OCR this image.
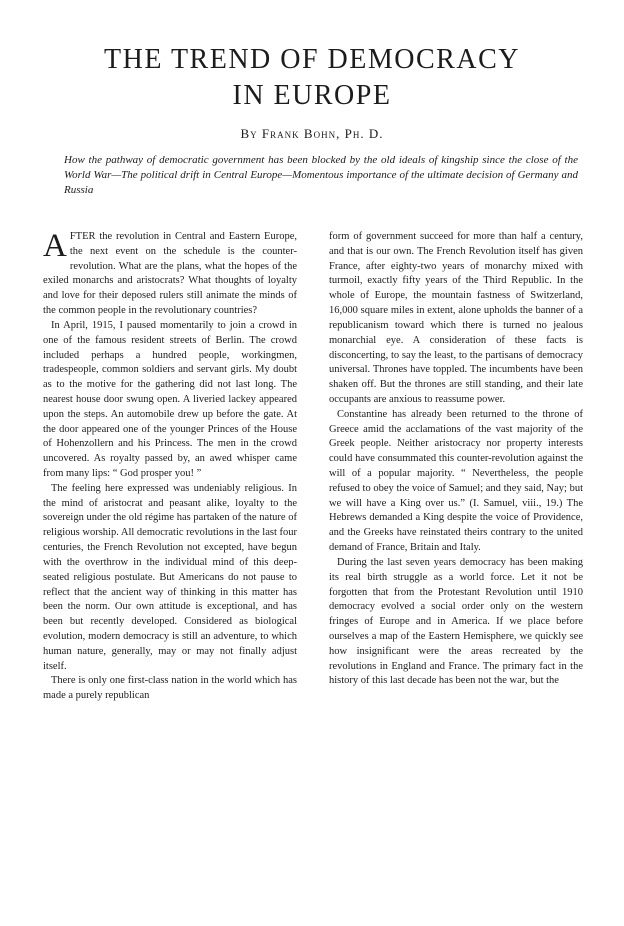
THE TREND OF DEMOCRACY
IN EUROPE
By Frank Bohn, Ph. D.

How the pathway of democratic government has been blocked by the old ideals of kingship since the close of the World War—The political drift in Central Europe—Momentous importance of the ultimate decision of Germany and Russia

AFTER the revolution in Central and Eastern Europe, the next event on the schedule is the counter-revolution. What are the plans, what the hopes of the exiled monarchs and aristocrats? What thoughts of loyalty and love for their deposed rulers still animate the minds of the common people in the revolutionary countries?

In April, 1915, I paused momentarily to join a crowd in one of the famous resident streets of Berlin. The crowd included perhaps a hundred people, workingmen, tradespeople, common soldiers and servant girls. My doubt as to the motive for the gathering did not last long. The nearest house door swung open. A liveried lackey appeared upon the steps. An automobile drew up before the gate. At the door appeared one of the younger Princes of the House of Hohenzollern and his Princess. The men in the crowd uncovered. As royalty passed by, an awed whisper came from many lips: “ God prosper you! ”

The feeling here expressed was undeniably religious. In the mind of aristocrat and peasant alike, loyalty to the sovereign under the old régime has partaken of the nature of religious worship. All democratic revolutions in the last four centuries, the French Revolution not excepted, have begun with the overthrow in the individual mind of this deep-seated religious postulate. But Americans do not pause to reflect that the ancient way of thinking in this matter has been the norm. Our own attitude is exceptional, and has been but recently developed. Considered as biological evolution, modern democracy is still an adventure, to which human nature, generally, may or may not finally adjust itself.

There is only one first-class nation in the world which has made a purely republican

form of government succeed for more than half a century, and that is our own. The French Revolution itself has given France, after eighty-two years of monarchy mixed with turmoil, exactly fifty years of the Third Republic. In the whole of Europe, the mountain fastness of Switzerland, 16,000 square miles in extent, alone upholds the banner of a republicanism toward which there is turned no jealous monarchial eye. A consideration of these facts is disconcerting, to say the least, to the partisans of democracy universal. Thrones have toppled. The incumbents have been shaken off. But the thrones are still standing, and their late occupants are anxious to reassume power.

Constantine has already been returned to the throne of Greece amid the acclamations of the vast majority of the Greek people. Neither aristocracy nor property interests could have consummated this counter-revolution against the will of a popular majority. “ Nevertheless, the people refused to obey the voice of Samuel; and they said, Nay; but we will have a King over us.” (I. Samuel, viii., 19.) The Hebrews demanded a King despite the voice of Providence, and the Greeks have reinstated theirs contrary to the united demand of France, Britain and Italy.

During the last seven years democracy has been making its real birth struggle as a world force. Let it not be forgotten that from the Protestant Revolution until 1910 democracy evolved a social order only on the western fringes of Europe and in America. If we place before ourselves a map of the Eastern Hemisphere, we quickly see how insignificant were the areas recreated by the revolutions in England and France. The primary fact in the history of this last decade has been not the war, but the
